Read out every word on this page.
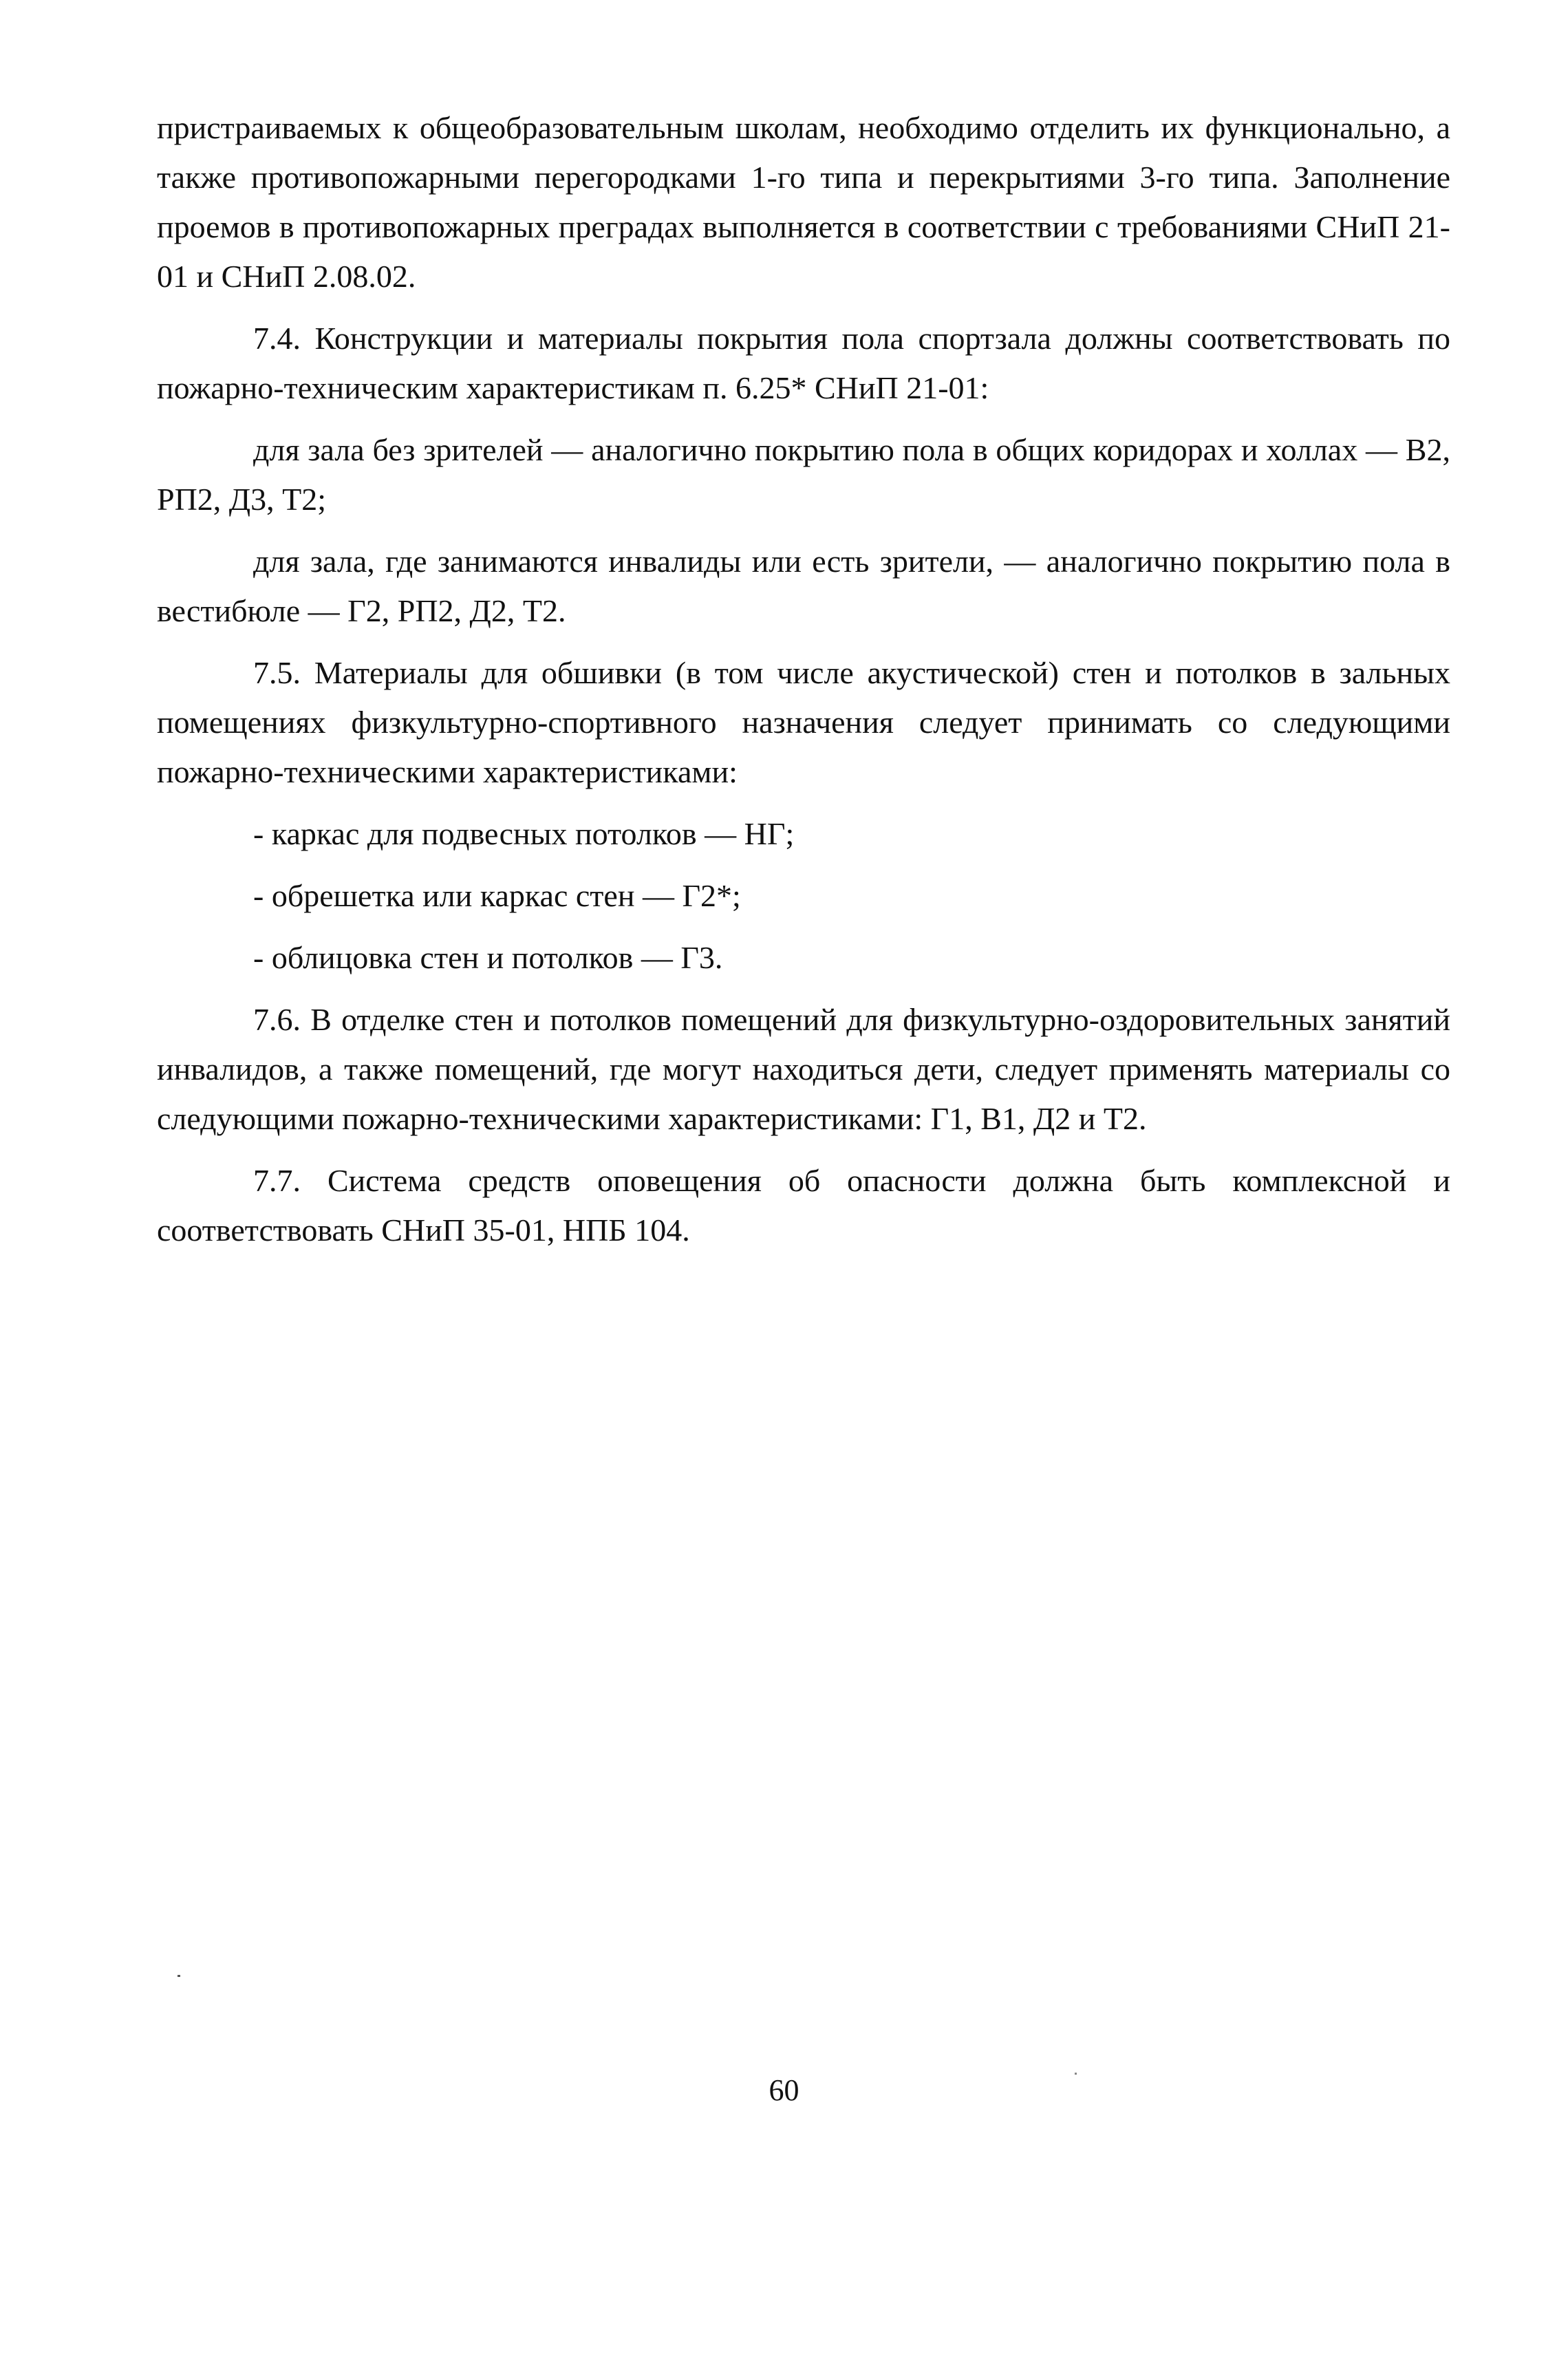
пристраиваемых к общеобразовательным школам, необходимо отделить их функционально, а также противопожарными перегородками 1-го типа и перекрытиями 3-го типа. Заполнение проемов в противопожарных преградах выполняется в соответствии с требованиями СНиП 21-01 и СНиП 2.08.02.

7.4. Конструкции и материалы покрытия пола спортзала должны соответствовать по пожарно-техническим характеристикам п. 6.25* СНиП 21-01:

для зала без зрителей — аналогично покрытию пола в общих коридорах и холлах — В2, РП2, Д3, Т2;

для зала, где занимаются инвалиды или есть зрители, — аналогично покрытию пола в вестибюле — Г2, РП2, Д2, Т2.

7.5. Материалы для обшивки (в том числе акустической) стен и потолков в зальных помещениях физкультурно-спортивного назначения следует принимать со следующими пожарно-техническими характеристиками:

- каркас для подвесных потолков — НГ;

- обрешетка или каркас стен — Г2*;

- облицовка стен и потолков — Г3.

7.6. В отделке стен и потолков помещений для физкультурно-оздоровительных занятий инвалидов, а также помещений, где могут находиться дети, следует применять материалы со следующими пожарно-техническими характеристиками: Г1, В1, Д2 и Т2.

7.7. Система средств оповещения об опасности должна быть комплексной и соответствовать СНиП 35-01, НПБ 104.

60
